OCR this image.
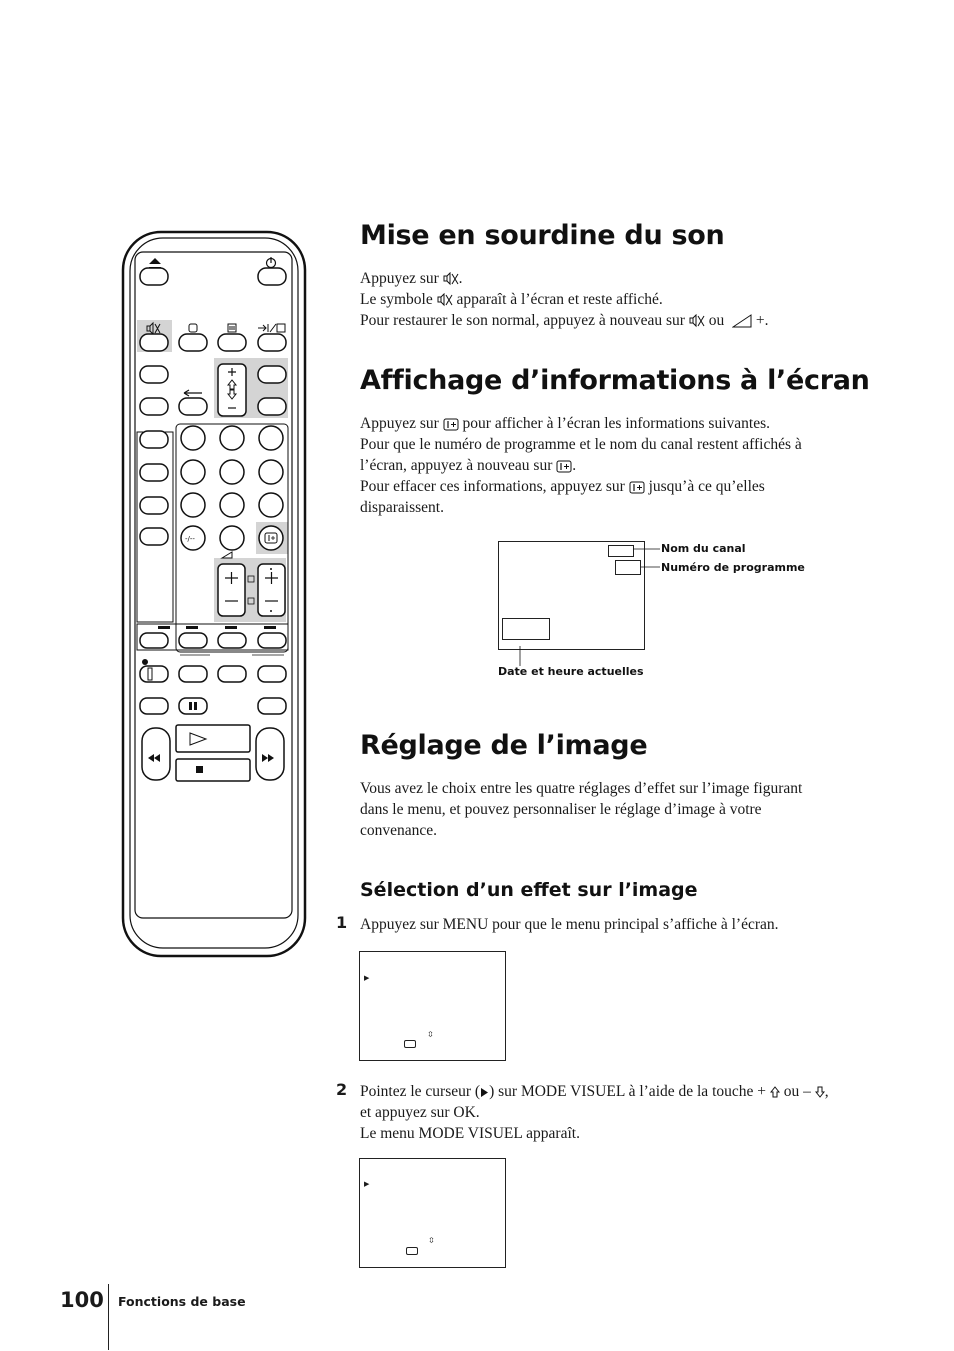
-/--
Mise en sourdine du son
Appuyez sur .
Le symbole apparaît à l’écran et reste affiché.
Pour restaurer le son normal, appuyez à nouveau sur ou +.
Affichage d’informations à l’écran
Appuyez sur pour afficher à l’écran les informations suivantes.
Pour que le numéro de programme et le nom du canal restent affichés à
l’écran, appuyez à nouveau sur .
Pour effacer ces informations, appuyez sur jusqu’à ce qu’elles
disparaissent.
Nom du canal
Numéro de programme
Date et heure actuelles
Réglage de l’image
Vous avez le choix entre les quatre réglages d’effet sur l’image figurant
dans le menu, et pouvez personnaliser le réglage d’image à votre
convenance.
Sélection d’un effet sur l’image
1 Appuyez sur MENU pour que le menu principal s’affiche à l’écran.
▶
⇳
2 Pointez le curseur ( ) sur MODE VISUEL à l’aide de la touche + ou – ,
et appuyez sur OK.
Le menu MODE VISUEL apparaît.
▶
⇳
100 Fonctions de base
